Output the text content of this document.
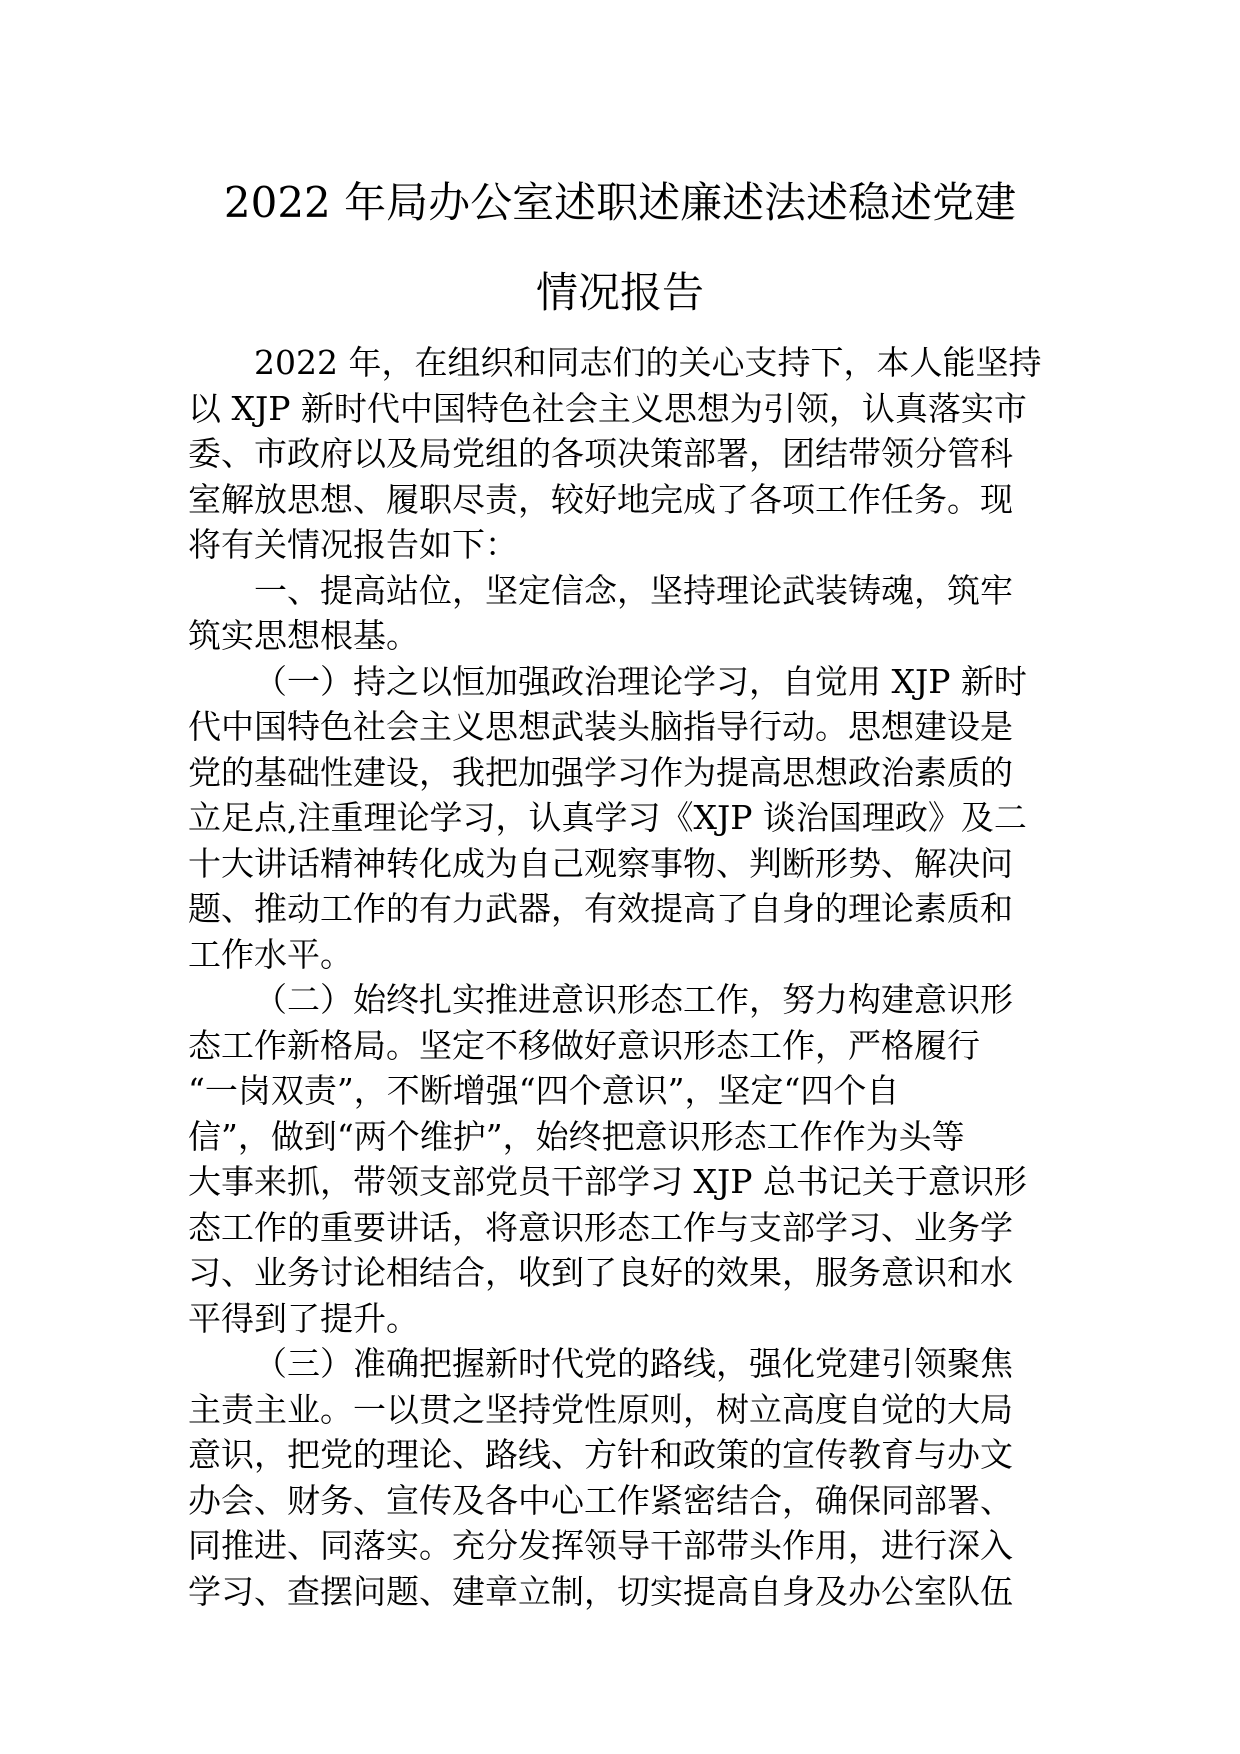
2022 年局办公室述职述廉述法述稳述党建
情况报告
2022 年，在组织和同志们的关心支持下，本人能坚持
以 XJP 新时代中国特色社会主义思想为引领，认真落实市
委、市政府以及局党组的各项决策部署，团结带领分管科
室解放思想、履职尽责，较好地完成了各项工作任务。现
将有关情况报告如下：
一、提高站位，坚定信念，坚持理论武装铸魂，筑牢
筑实思想根基。
（一）持之以恒加强政治理论学习，自觉用 XJP 新时
代中国特色社会主义思想武装头脑指导行动。思想建设是
党的基础性建设，我把加强学习作为提高思想政治素质的
立足点,注重理论学习，认真学习《XJP 谈治国理政》及二
十大讲话精神转化成为自己观察事物、判断形势、解决问
题、推动工作的有力武器，有效提高了自身的理论素质和
工作水平。
（二）始终扎实推进意识形态工作，努力构建意识形
态工作新格局。坚定不移做好意识形态工作，严格履行
“一岗双责”，不断增强“四个意识”，坚定“四个自
信”，做到“两个维护”，始终把意识形态工作作为头等
大事来抓，带领支部党员干部学习 XJP 总书记关于意识形
态工作的重要讲话，将意识形态工作与支部学习、业务学
习、业务讨论相结合，收到了良好的效果，服务意识和水
平得到了提升。
（三）准确把握新时代党的路线，强化党建引领聚焦
主责主业。一以贯之坚持党性原则，树立高度自觉的大局
意识，把党的理论、路线、方针和政策的宣传教育与办文
办会、财务、宣传及各中心工作紧密结合，确保同部署、
同推进、同落实。充分发挥领导干部带头作用，进行深入
学习、查摆问题、建章立制，切实提高自身及办公室队伍
